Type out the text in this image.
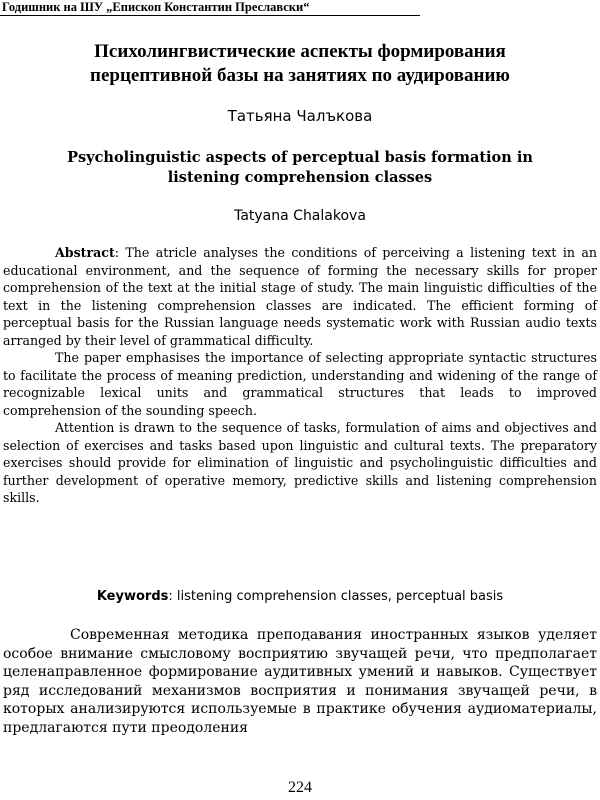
Годишник на ШУ „Епископ Константин Преславски“
Психолингвистические аспекты формирования
перцептивной базы на занятиях по аудированию
Татьяна Чалъкова
Psycholinguistic aspects of perceptual basis formation in
listening comprehension classes
Tatyana Chalakova

Abstract: The atricle analyses the conditions of perceiving a listening text in an educational environment, and the sequence of forming the necessary skills for proper comprehension of the text at the initial stage of study. The main linguistic difficulties of the text in the listening comprehension classes are indicated. The efficient forming of perceptual basis for the Russian language needs systematic work with Russian audio texts arranged by their level of grammatical difficulty.

The paper emphasises the importance of selecting appropriate syntactic structures to facilitate the process of meaning prediction, understanding and widening of the range of recognizable lexical units and grammatical structures that leads to improved comprehension of the sounding speech.

Attention is drawn to the sequence of tasks, formulation of aims and objectives and selection of exercises and tasks based upon linguistic and cultural texts. The preparatory exercises should provide for elimination of linguistic and psycholinguistic difficulties and further development of operative memory, predictive skills and listening comprehension skills.

Keywords: listening comprehension classes, perceptual basis

Современная методика преподавания иностранных языков уделяет особое внимание смысловому восприятию звучащей речи, что предполагает целенаправленное формирование аудитивных умений и навыков. Существует ряд исследований механизмов восприятия и понимания звучащей речи, в которых анализируются используемые в практике обучения аудиоматериалы, предлагаются пути преодоления

224
